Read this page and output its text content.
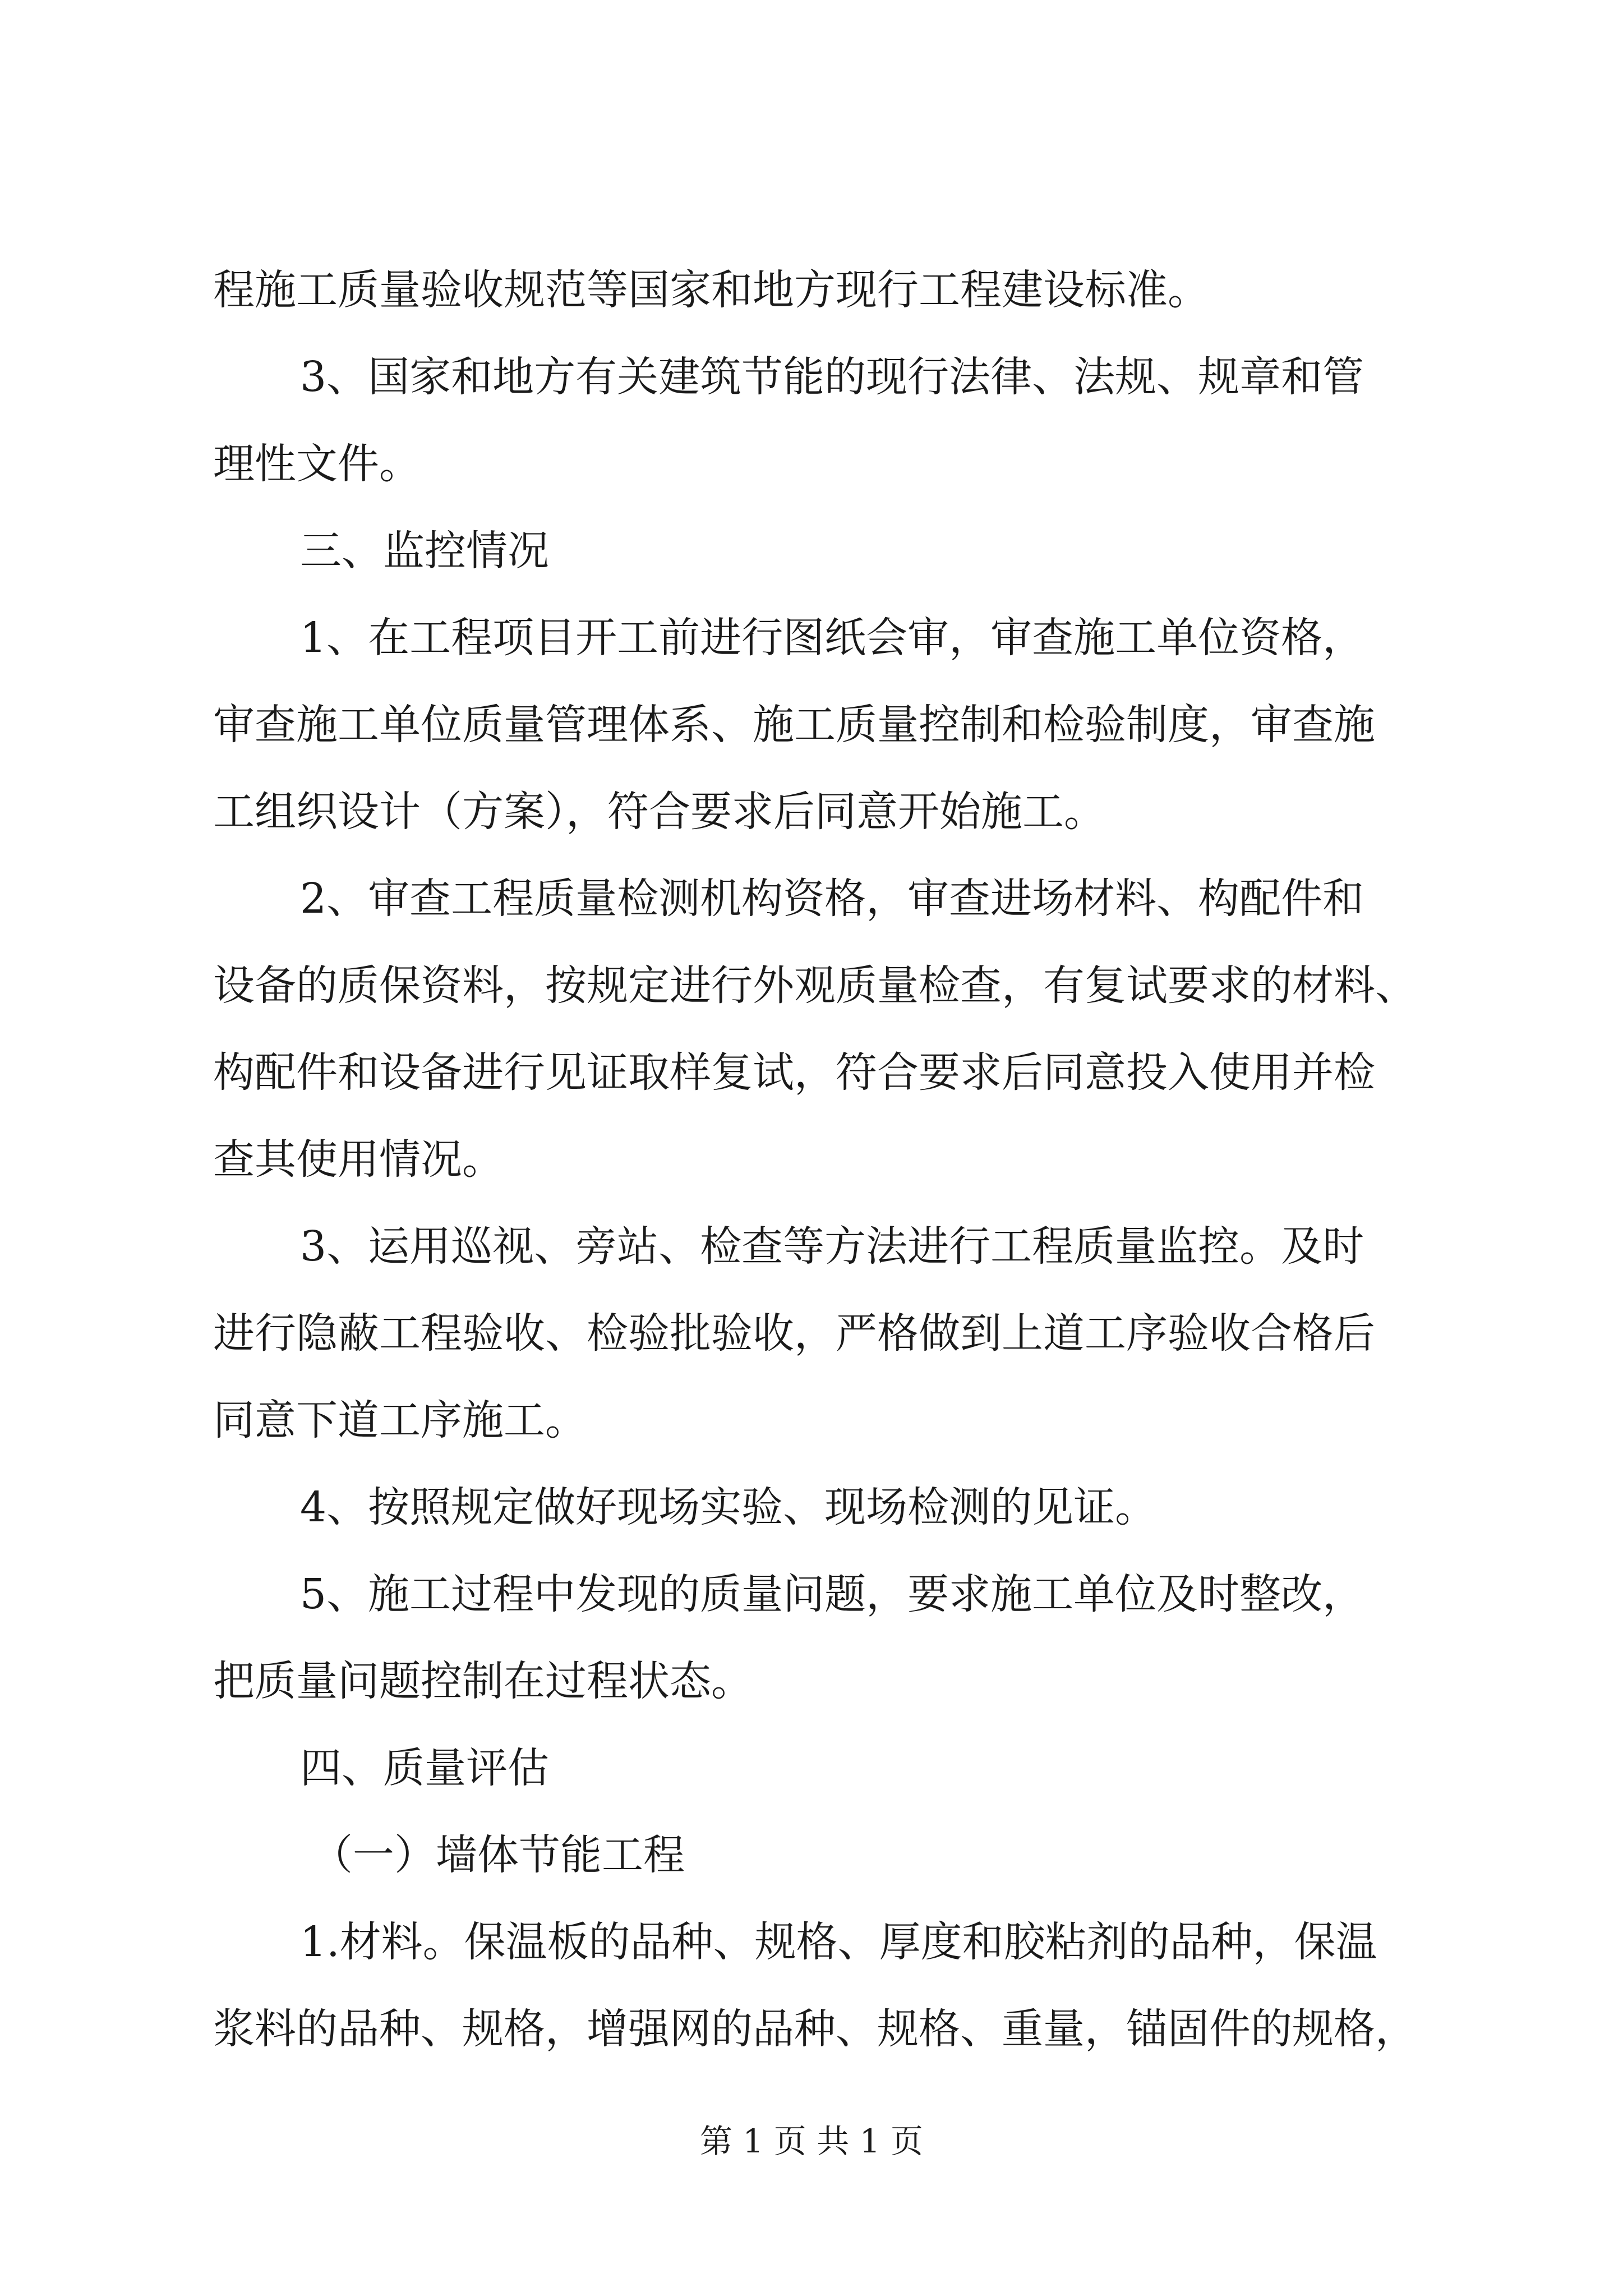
程施工质量验收规范等国家和地方现行工程建设标准。

3、国家和地方有关建筑节能的现行法律、法规、规章和管

理性文件。

三、监控情况

1、在工程项目开工前进行图纸会审，审查施工单位资格，

审查施工单位质量管理体系、施工质量控制和检验制度，审查施

工组织设计（方案），符合要求后同意开始施工。

2、审查工程质量检测机构资格，审查进场材料、构配件和

设备的质保资料，按规定进行外观质量检查，有复试要求的材料、

构配件和设备进行见证取样复试，符合要求后同意投入使用并检

查其使用情况。

3、运用巡视、旁站、检查等方法进行工程质量监控。及时

进行隐蔽工程验收、检验批验收，严格做到上道工序验收合格后

同意下道工序施工。

4、按照规定做好现场实验、现场检测的见证。

5、施工过程中发现的质量问题，要求施工单位及时整改，

把质量问题控制在过程状态。

四、质量评估

（一）墙体节能工程

1.材料。保温板的品种、规格、厚度和胶粘剂的品种，保温

浆料的品种、规格，增强网的品种、规格、重量，锚固件的规格，

第 1 页 共 1 页
